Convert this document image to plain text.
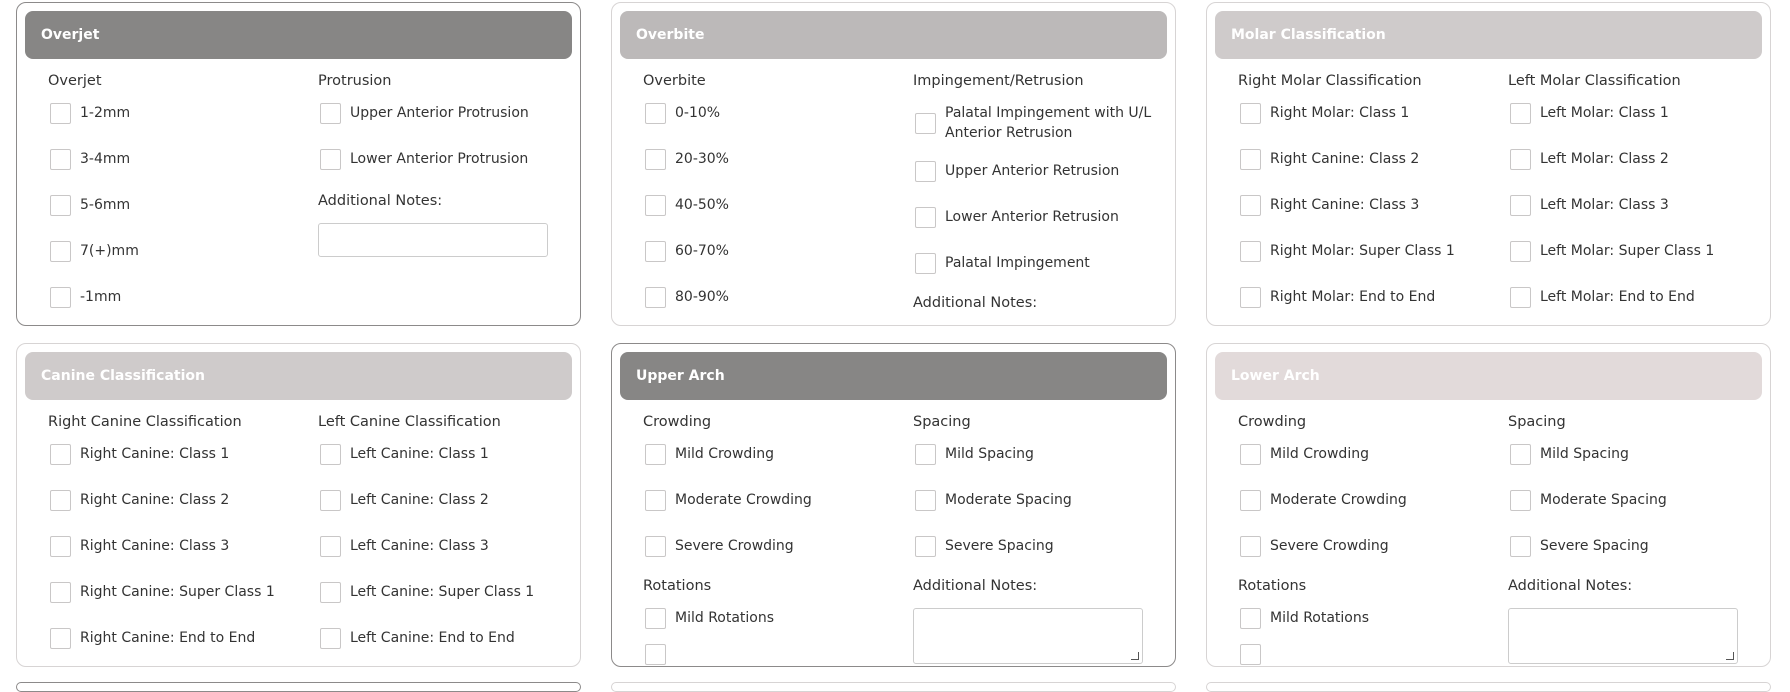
Overjet
Overjet
1-2mm
3-4mm
5-6mm
7(+)mm
-1mm
Protrusion
Upper Anterior Protrusion
Lower Anterior Protrusion
Additional Notes:
Overbite
Overbite
0-10%
20-30%
40-50%
60-70%
80-90%
Impingement/Retrusion
Palatal Impingement with U/L Anterior Retrusion
Upper Anterior Retrusion
Lower Anterior Retrusion
Palatal Impingement
Additional Notes:
Molar Classification
Right Molar Classification
Right Molar: Class 1
Right Canine: Class 2
Right Canine: Class 3
Right Molar: Super Class 1
Right Molar: End to End
Left Molar Classification
Left Molar: Class 1
Left Molar: Class 2
Left Molar: Class 3
Left Molar: Super Class 1
Left Molar: End to End
Canine Classification
Right Canine Classification
Right Canine: Class 1
Right Canine: Class 2
Right Canine: Class 3
Right Canine: Super Class 1
Right Canine: End to End
Left Canine Classification
Left Canine: Class 1
Left Canine: Class 2
Left Canine: Class 3
Left Canine: Super Class 1
Left Canine: End to End
Upper Arch
Crowding
Mild Crowding
Moderate Crowding
Severe Crowding
Rotations
Mild Rotations
Spacing
Mild Spacing
Moderate Spacing
Severe Spacing
Additional Notes:
Lower Arch
Crowding
Mild Crowding
Moderate Crowding
Severe Crowding
Rotations
Mild Rotations
Spacing
Mild Spacing
Moderate Spacing
Severe Spacing
Additional Notes:
